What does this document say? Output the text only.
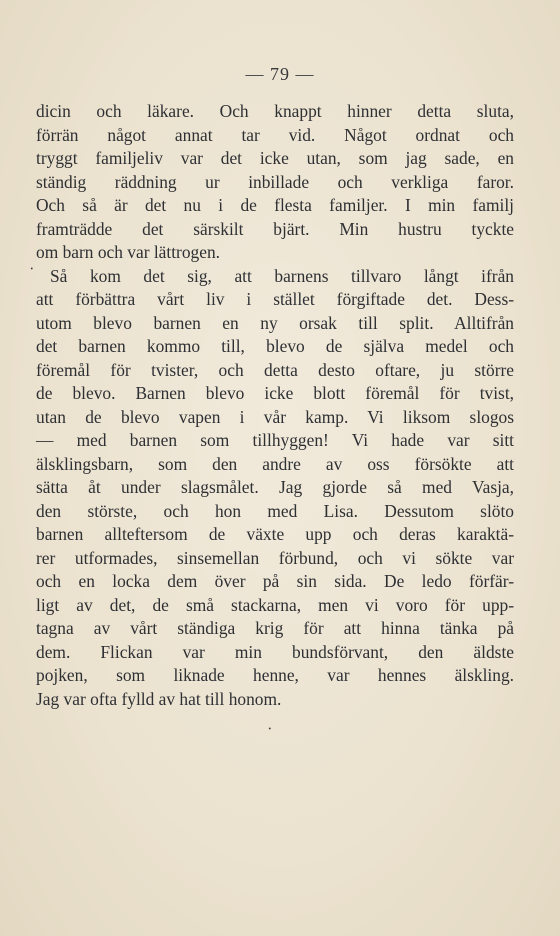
— 79 —
dicin och läkare. Och knappt hinner detta sluta,
förrän något annat tar vid. Något ordnat och
tryggt familjeliv var det icke utan, som jag sade, en
ständig räddning ur inbillade och verkliga faror.
Och så är det nu i de flesta familjer. I min familj
framträdde det särskilt bjärt. Min hustru tyckte
om barn och var lättrogen.
Så kom det sig, att barnens tillvaro långt ifrån
att förbättra vårt liv i stället förgiftade det. Dess-
utom blevo barnen en ny orsak till split. Alltifrån
det barnen kommo till, blevo de själva medel och
föremål för tvister, och detta desto oftare, ju större
de blevo. Barnen blevo icke blott föremål för tvist,
utan de blevo vapen i vår kamp. Vi liksom slogos
— med barnen som tillhyggen! Vi hade var sitt
älsklingsbarn, som den andre av oss försökte att
sätta åt under slagsmålet. Jag gjorde så med Vasja,
den störste, och hon med Lisa. Dessutom slöto
barnen allteftersom de växte upp och deras karaktä-
rer utformades, sinsemellan förbund, och vi sökte var
och en locka dem över på sin sida. De ledo förfär-
ligt av det, de små stackarna, men vi voro för upp-
tagna av vårt ständiga krig för att hinna tänka på
dem. Flickan var min bundsförvant, den äldste
pojken, som liknade henne, var hennes älskling.
Jag var ofta fylld av hat till honom.
•
•
